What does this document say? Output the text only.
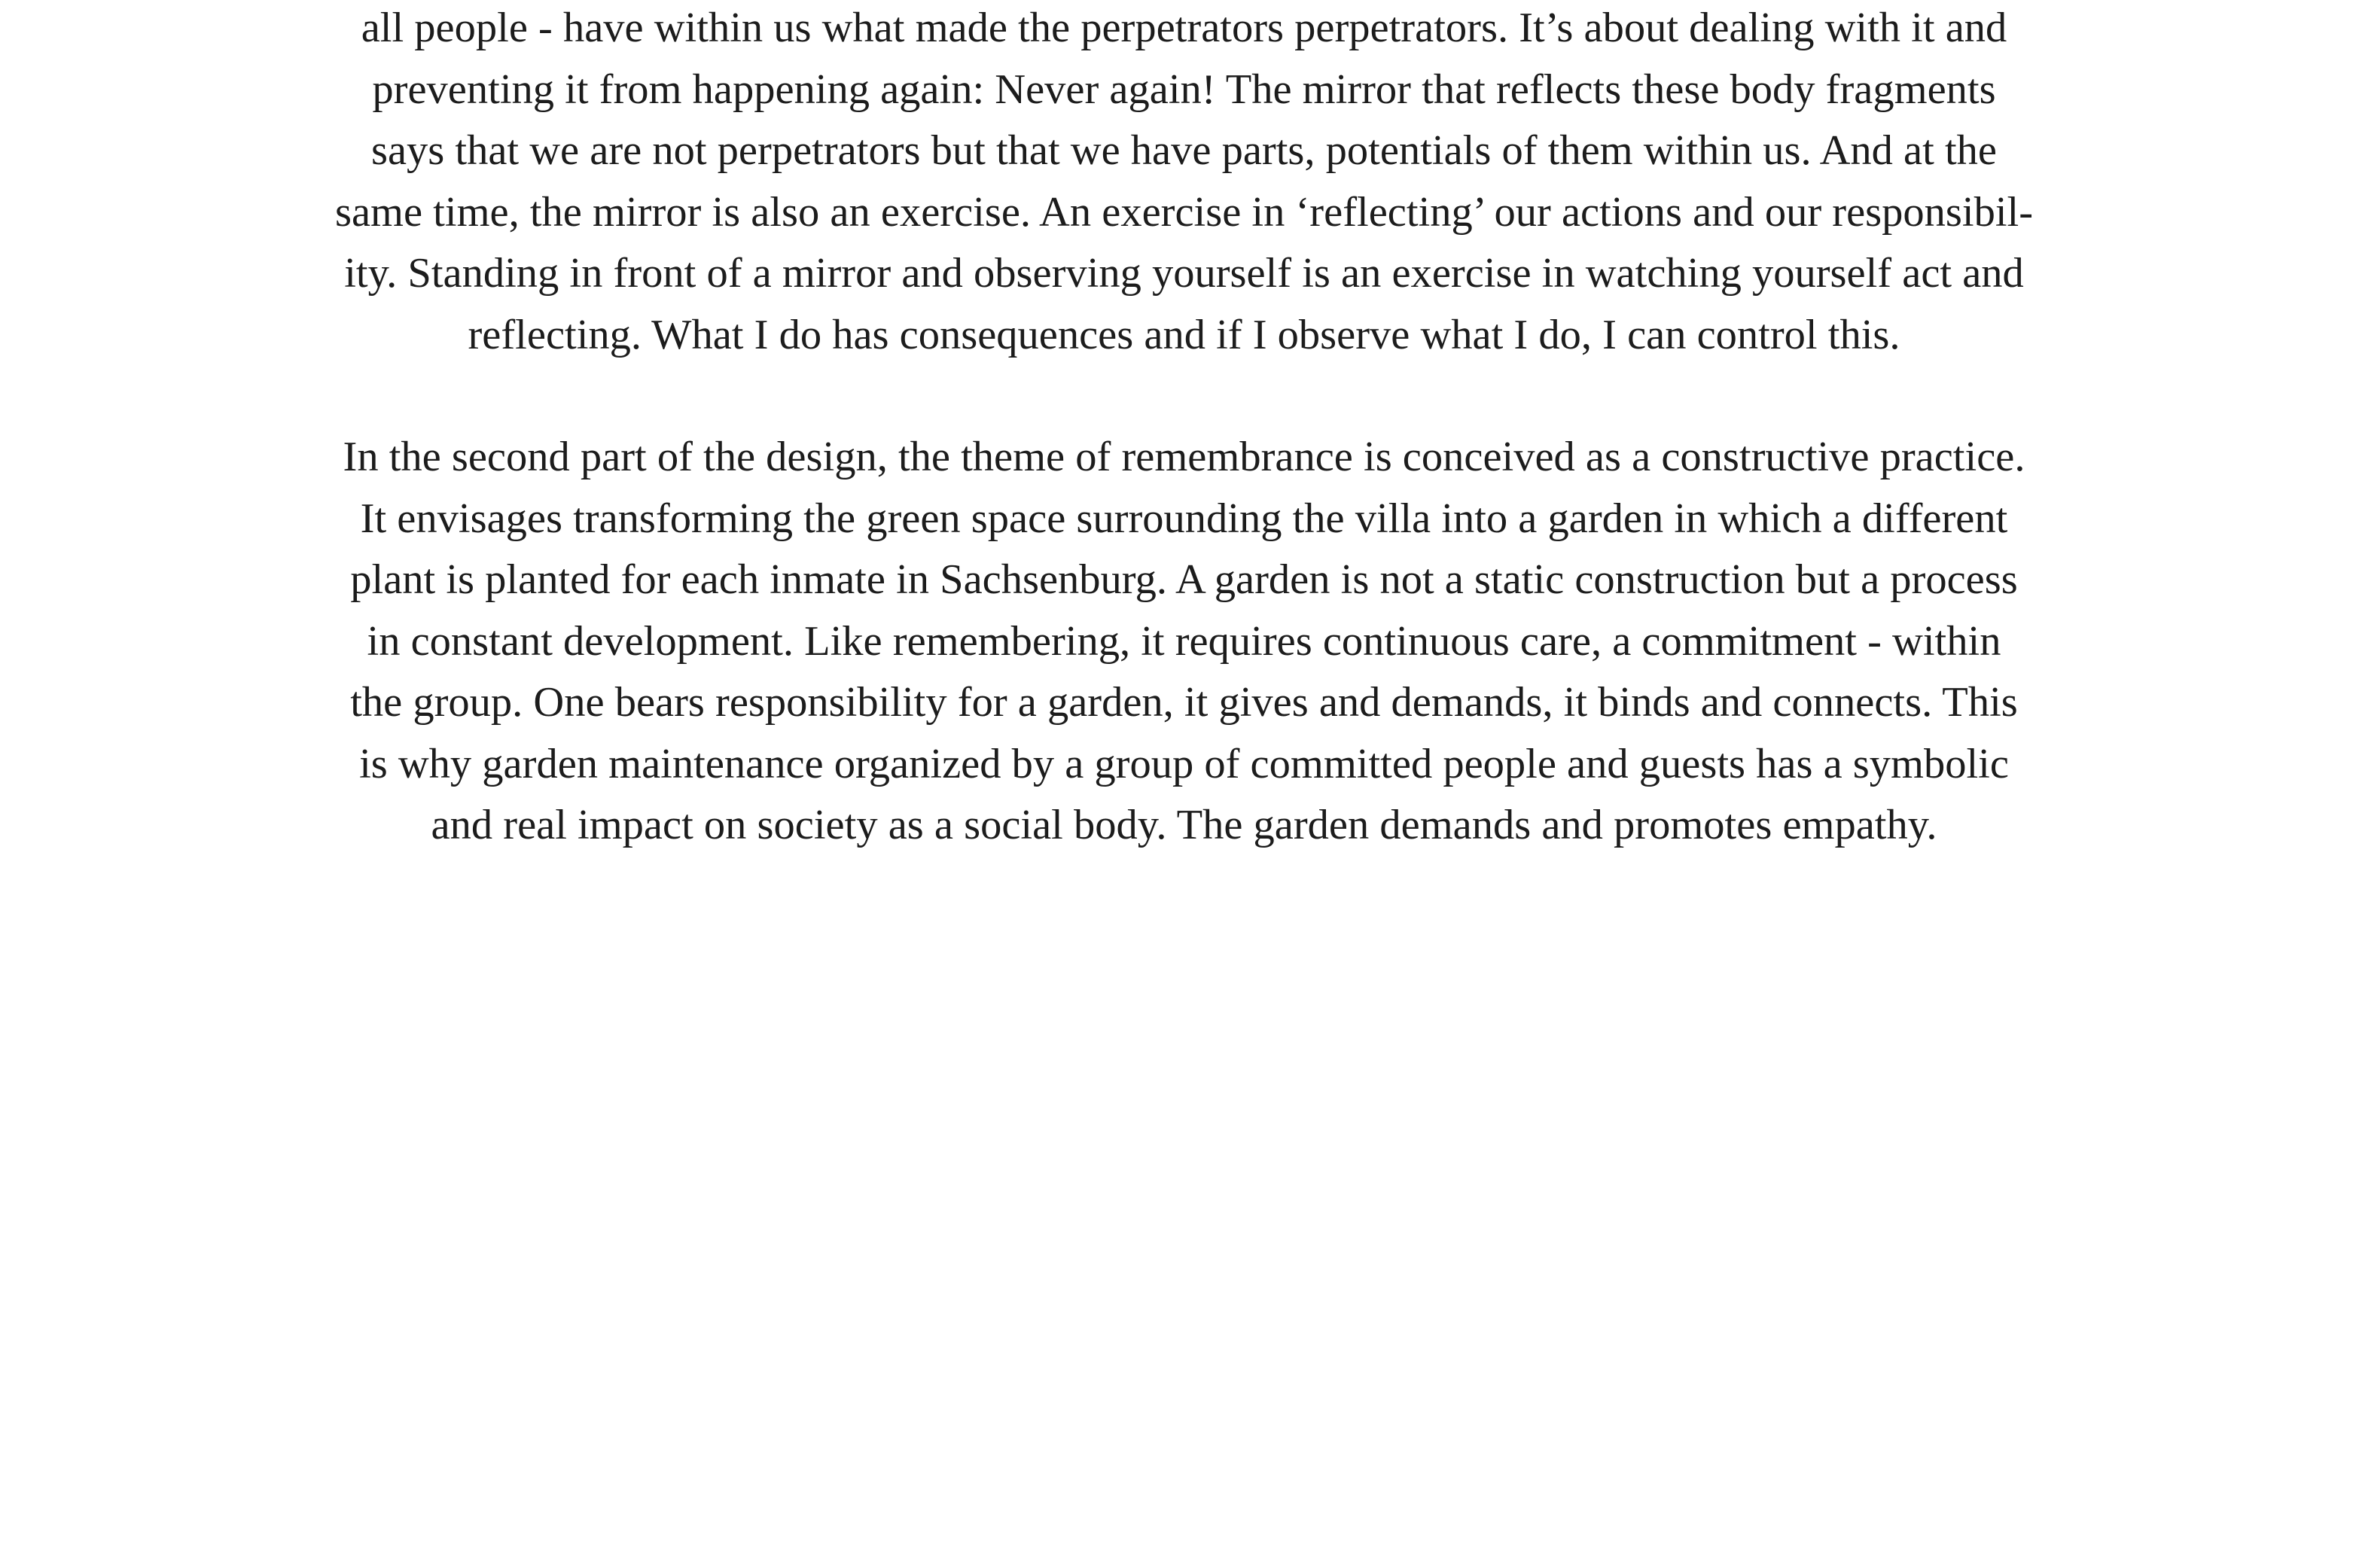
all people - have within us what made the perpetrators perpetrators. It’s about dealing with it and
preventing it from happening again: Never again! The mirror that reflects these body fragments
says that we are not perpetrators but that we have parts, potentials of them within us. And at the
same time, the mirror is also an exercise. An exercise in ‘reflecting’ our actions and our responsibil-
ity. Standing in front of a mirror and observing yourself is an exercise in watching yourself act and
reflecting. What I do has consequences and if I observe what I do, I can control this.
In the second part of the design, the theme of remembrance is conceived as a constructive practice.
It envisages transforming the green space surrounding the villa into a garden in which a different
plant is planted for each inmate in Sachsenburg. A garden is not a static construction but a process
in constant development. Like remembering, it requires continuous care, a commitment - within
the group. One bears responsibility for a garden, it gives and demands, it binds and connects. This
is why garden maintenance organized by a group of committed people and guests has a symbolic
and real impact on society as a social body. The garden demands and promotes empathy.
